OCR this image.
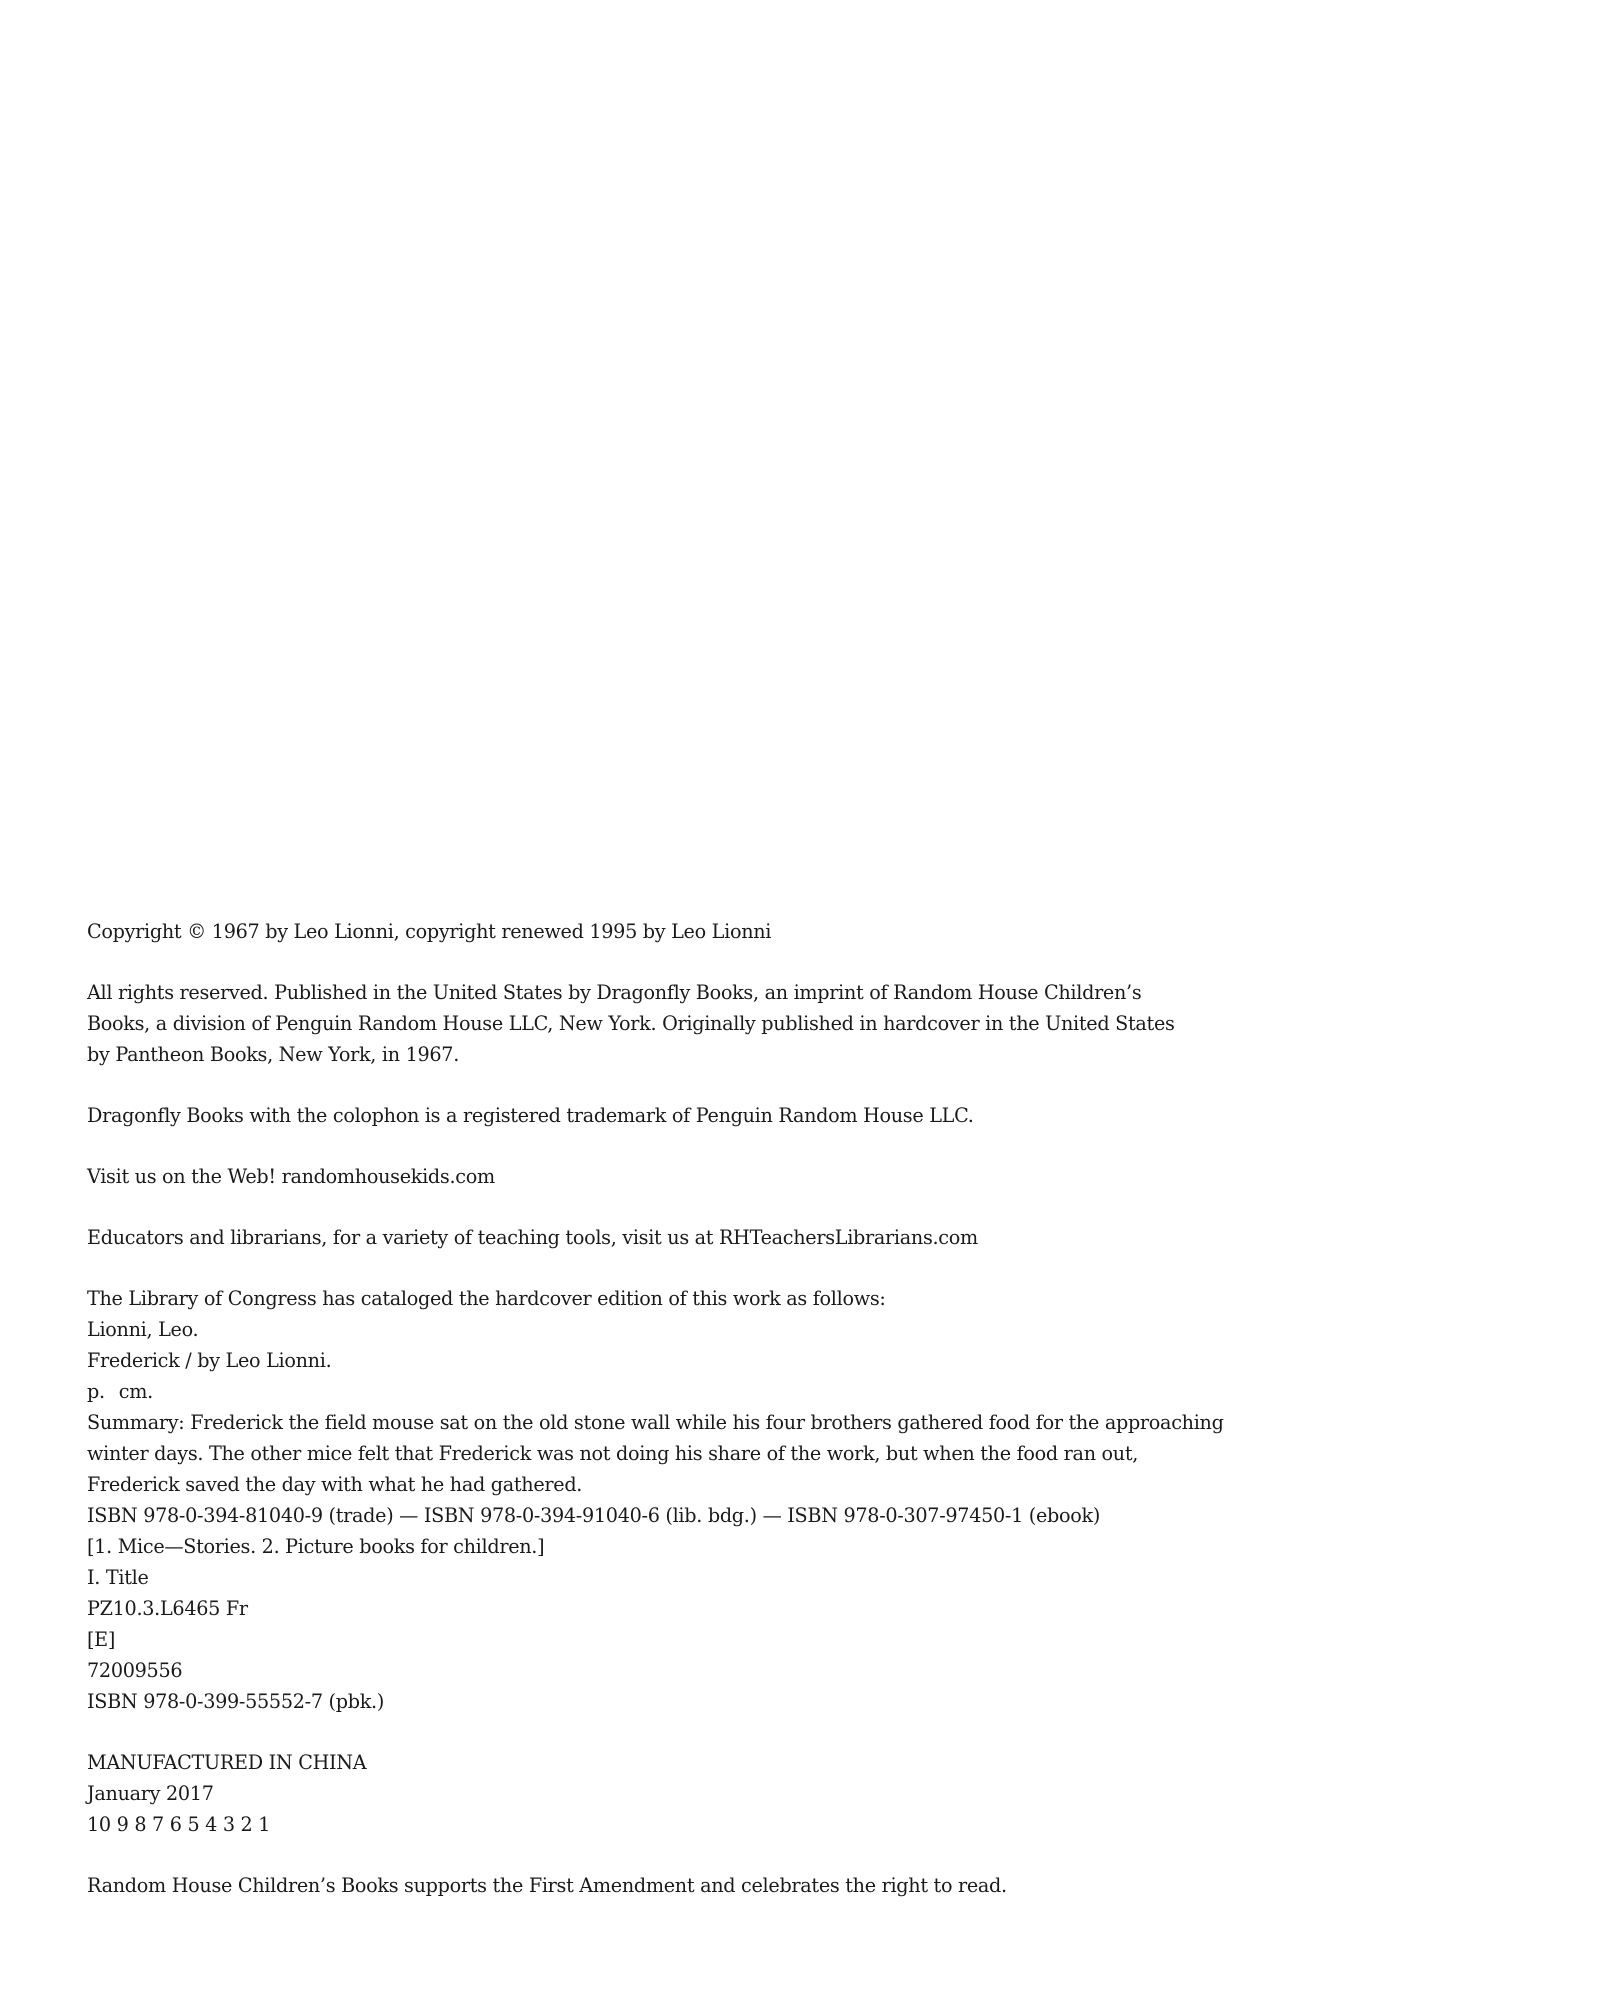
Copyright © 1967 by Leo Lionni, copyright renewed 1995 by Leo Lionni

All rights reserved. Published in the United States by Dragonfly Books, an imprint of Random House Children’s
Books, a division of Penguin Random House LLC, New York. Originally published in hardcover in the United States
by Pantheon Books, New York, in 1967.

Dragonfly Books with the colophon is a registered trademark of Penguin Random House LLC.

Visit us on the Web! randomhousekids.com

Educators and librarians, for a variety of teaching tools, visit us at RHTeachersLibrarians.com

The Library of Congress has cataloged the hardcover edition of this work as follows:
Lionni, Leo.
Frederick / by Leo Lionni.
p. cm.
Summary: Frederick the field mouse sat on the old stone wall while his four brothers gathered food for the approaching
winter days. The other mice felt that Frederick was not doing his share of the work, but when the food ran out,
Frederick saved the day with what he had gathered.
ISBN 978-0-394-81040-9 (trade) — ISBN 978-0-394-91040-6 (lib. bdg.) — ISBN 978-0-307-97450-1 (ebook)
[1. Mice—Stories. 2. Picture books for children.]
I. Title
PZ10.3.L6465 Fr
[E]
72009556
ISBN 978-0-399-55552-7 (pbk.)
MANUFACTURED IN CHINA
January 2017
10 9 8 7 6 5 4 3 2 1

Random House Children’s Books supports the First Amendment and celebrates the right to read.
